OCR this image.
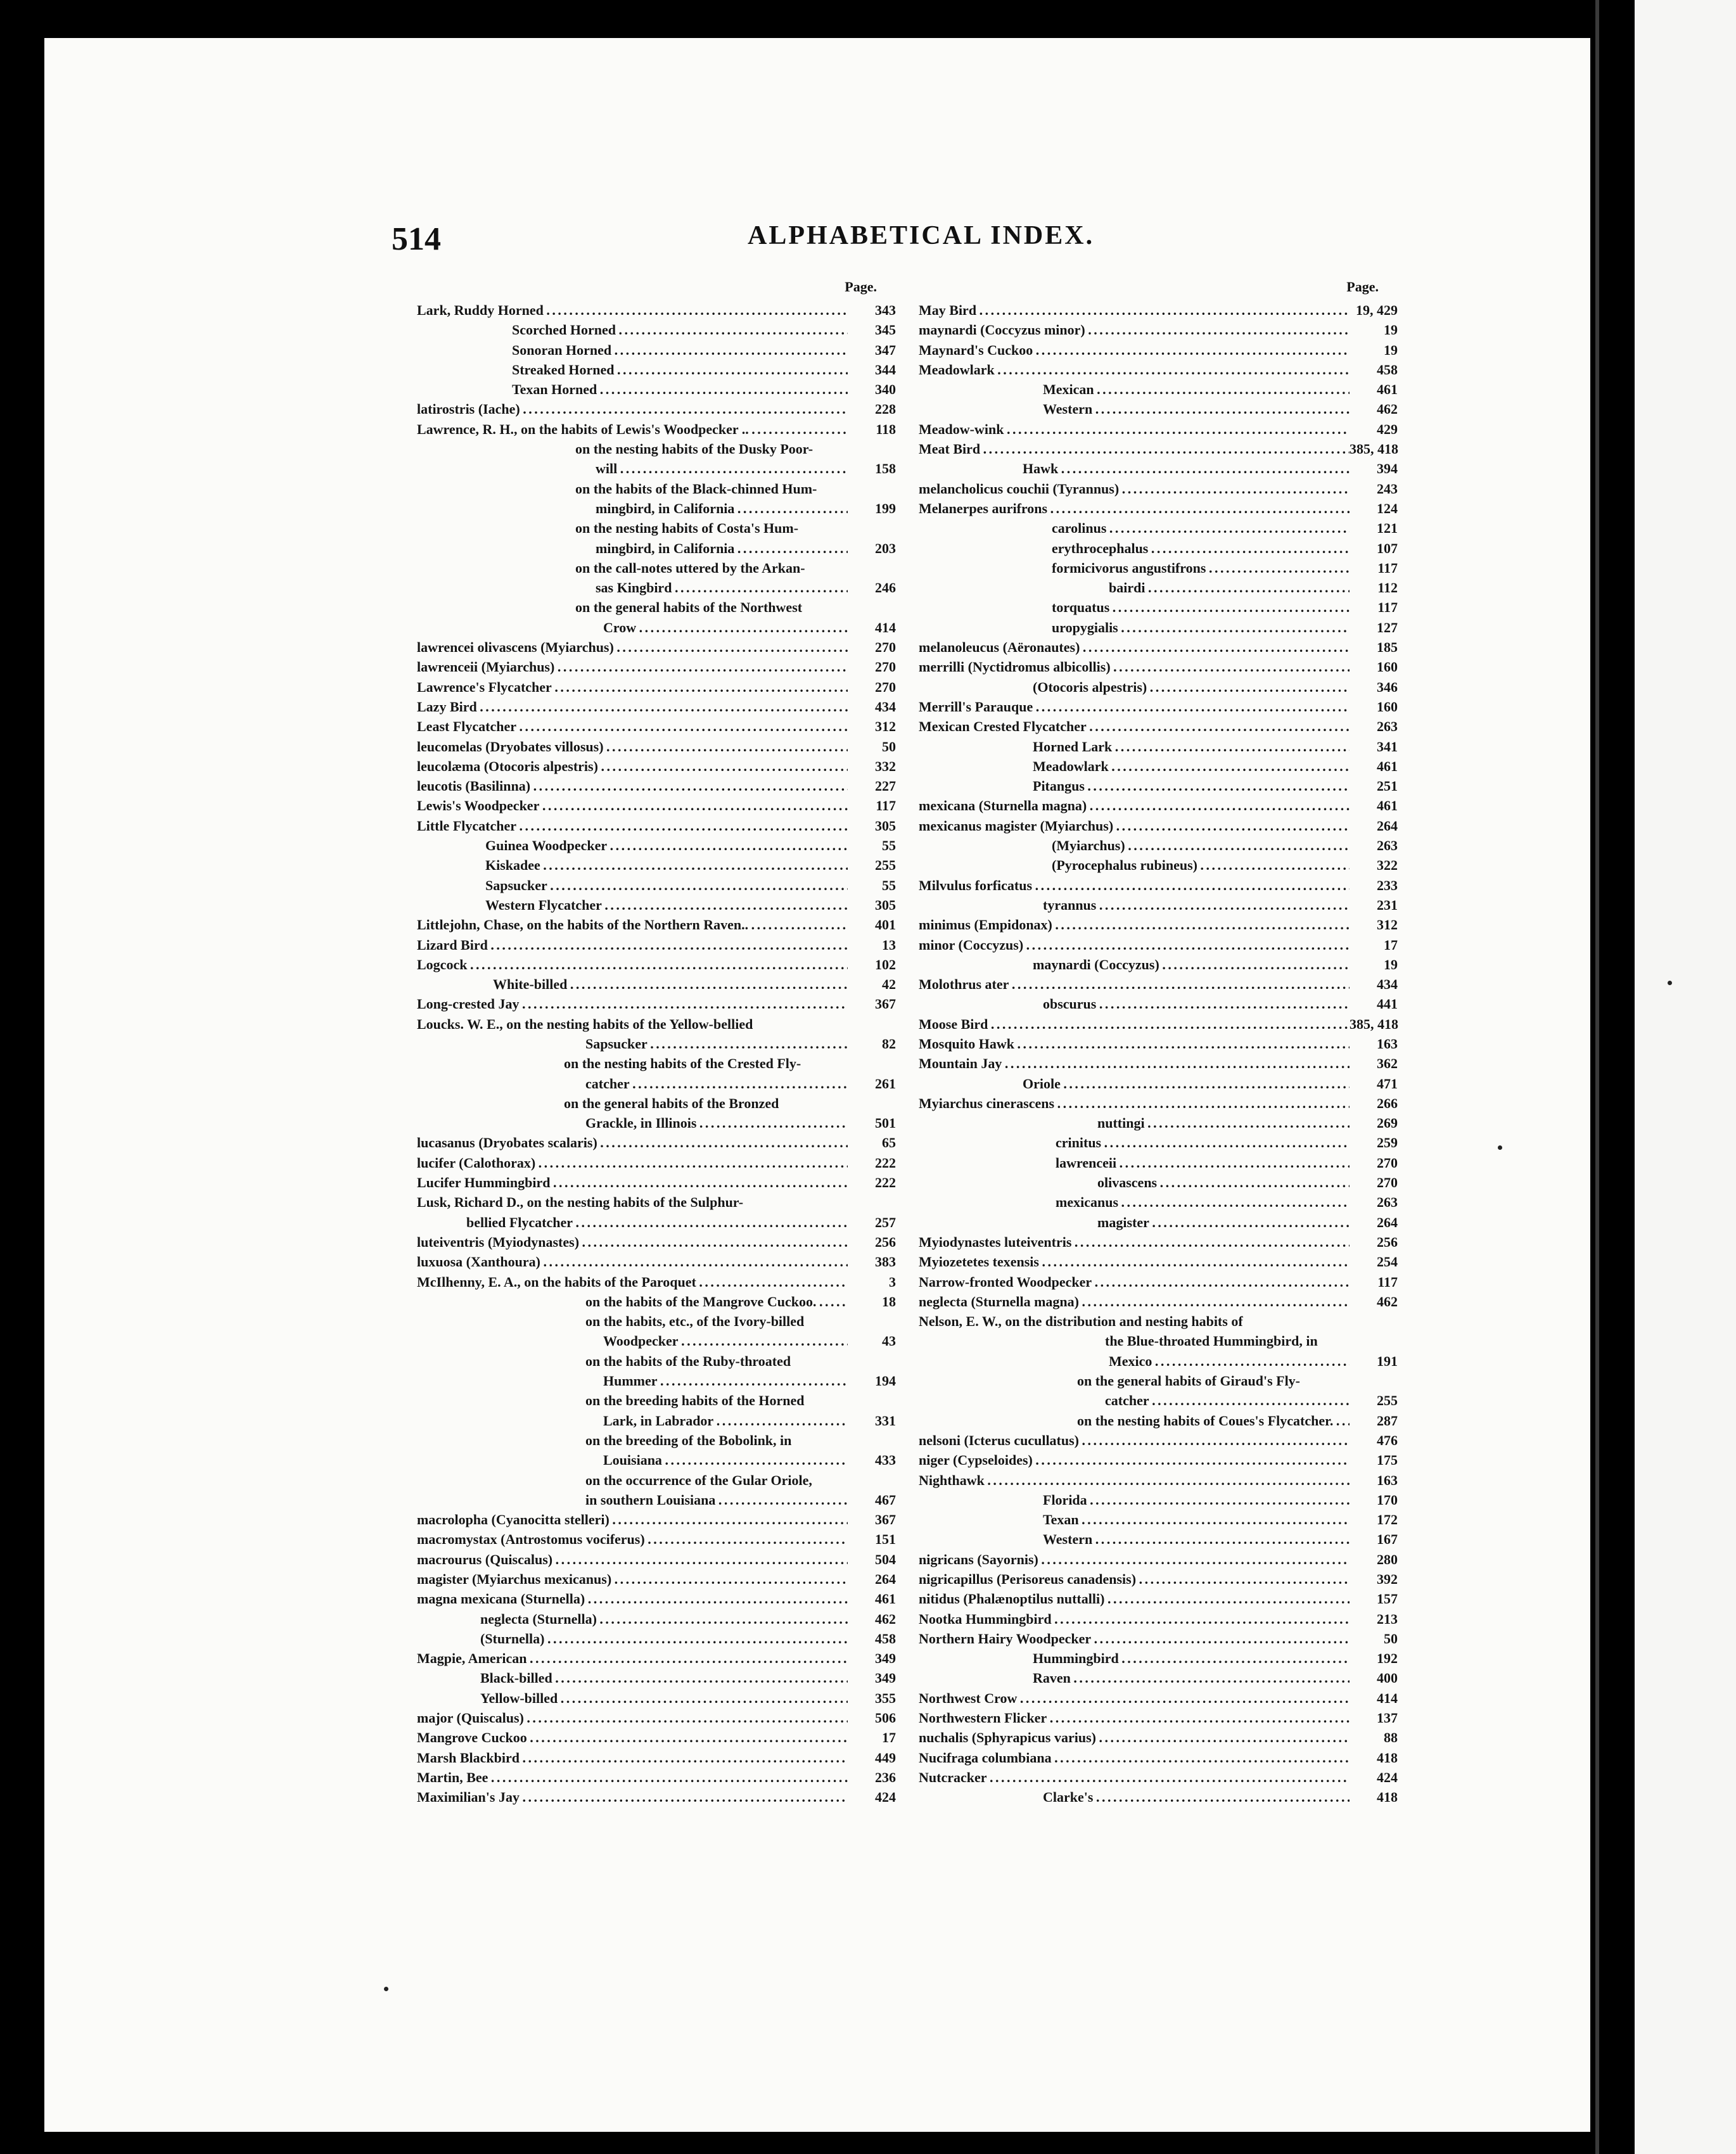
514	ALPHABETICAL INDEX.
Page.
Lark, Ruddy Horned . . .	343
Scorched Horned . . .	345
Sonoran Horned . . .	347
Streaked Horned . . .	344
Texan Horned . . .	340
latirostris (Iache) . . .	228
Lawrence, R. H., on the habits of Lewis's Woodpecker .. . . .	118
on the nesting habits of the Dusky Poor-
will . . .	158
on the habits of the Black-chinned Hum-
mingbird, in California . . .	199
on the nesting habits of Costa's Hum-
mingbird, in California . . .	203
on the call-notes uttered by the Arkan-
sas Kingbird . . .	246
on the general habits of the Northwest
Crow . . .	414
lawrencei olivascens (Myiarchus) . . .	270
lawrenceii (Myiarchus) . . .	270
Lawrence's Flycatcher . . .	270
Lazy Bird . . .	434
Least Flycatcher . . .	312
leucomelas (Dryobates villosus) . . .	50
leucolæma (Otocoris alpestris) . . .	332
leucotis (Basilinna) . . .	227
Lewis's Woodpecker . . .	117
Little Flycatcher . . .	305
Guinea Woodpecker . . .	55
Kiskadee . . .	255
Sapsucker . . .	55
Western Flycatcher . . .	305
Littlejohn, Chase, on the habits of the Northern Raven.. . . .	401
Lizard Bird . . .	13
Logcock . . .	102
White-billed . . .	42
Long-crested Jay . . .	367
Loucks. W. E., on the nesting habits of the Yellow-bellied
Sapsucker . . .	82
on the nesting habits of the Crested Fly-
catcher . . .	261
on the general habits of the Bronzed
Grackle, in Illinois . . .	501
lucasanus (Dryobates scalaris) . . .	65
lucifer (Calothorax) . . .	222
Lucifer Hummingbird . . .	222
Lusk, Richard D., on the nesting habits of the Sulphur-
bellied Flycatcher . . .	257
luteiventris (Myiodynastes) . . .	256
luxuosa (Xanthoura) . . .	383
McIlhenny, E. A., on the habits of the Paroquet . . .	3
on the habits of the Mangrove Cuckoo. . . .	18
on the habits, etc., of the Ivory-billed
Woodpecker . . .	43
on the habits of the Ruby-throated
Hummer . . .	194
on the breeding habits of the Horned
Lark, in Labrador . . .	331
on the breeding of the Bobolink, in
Louisiana . . .	433
on the occurrence of the Gular Oriole,
in southern Louisiana . . .	467
macrolopha (Cyanocitta stelleri) . . .	367
macromystax (Antrostomus vociferus) . . .	151
macrourus (Quiscalus) . . .	504
magister (Myiarchus mexicanus) . . .	264
magna mexicana (Sturnella) . . .	461
neglecta (Sturnella) . . .	462
(Sturnella) . . .	458
Magpie, American . . .	349
Black-billed . . .	349
Yellow-billed . . .	355
major (Quiscalus) . . .	506
Mangrove Cuckoo . . .	17
Marsh Blackbird . . .	449
Martin, Bee . . .	236
Maximilian's Jay . . .	424
Page.
May Bird . . .	19, 429
maynardi (Coccyzus minor) . . .	19
Maynard's Cuckoo . . .	19
Meadowlark . . .	458
Mexican . . .	461
Western . . .	462
Meadow-wink . . .	429
Meat Bird . . .	385, 418
Hawk . . .	394
melancholicus couchii (Tyrannus) . . .	243
Melanerpes aurifrons . . .	124
carolinus . . .	121
erythrocephalus . . .	107
formicivorus angustifrons . . .	117
bairdi . . .	112
torquatus . . .	117
uropygialis . . .	127
melanoleucus (Aëronautes) . . .	185
merrilli (Nyctidromus albicollis) . . .	160
(Otocoris alpestris) . . .	346
Merrill's Parauque . . .	160
Mexican Crested Flycatcher . . .	263
Horned Lark . . .	341
Meadowlark . . .	461
Pitangus . . .	251
mexicana (Sturnella magna) . . .	461
mexicanus magister (Myiarchus) . . .	264
(Myiarchus) . . .	263
(Pyrocephalus rubineus) . . .	322
Milvulus forficatus . . .	233
tyrannus . . .	231
minimus (Empidonax) . . .	312
minor (Coccyzus) . . .	17
maynardi (Coccyzus) . . .	19
Molothrus ater . . .	434
obscurus . . .	441
Moose Bird . . .	385, 418
Mosquito Hawk . . .	163
Mountain Jay . . .	362
Oriole . . .	471
Myiarchus cinerascens . . .	266
nuttingi . . .	269
crinitus . . .	259
lawrenceii . . .	270
olivascens . . .	270
mexicanus . . .	263
magister . . .	264
Myiodynastes luteiventris . . .	256
Myiozetetes texensis . . .	254
Narrow-fronted Woodpecker . . .	117
neglecta (Sturnella magna) . . .	462
Nelson, E. W., on the distribution and nesting habits of
the Blue-throated Hummingbird, in
Mexico . . .	191
on the general habits of Giraud's Fly-
catcher . . .	255
on the nesting habits of Coues's Flycatcher. . . .	287
nelsoni (Icterus cucullatus) . . .	476
niger (Cypseloides) . . .	175
Nighthawk . . .	163
Florida . . .	170
Texan . . .	172
Western . . .	167
nigricans (Sayornis) . . .	280
nigricapillus (Perisoreus canadensis) . . .	392
nitidus (Phalænoptilus nuttalli) . . .	157
Nootka Hummingbird . . .	213
Northern Hairy Woodpecker . . .	50
Hummingbird . . .	192
Raven . . .	400
Northwest Crow . . .	414
Northwestern Flicker . . .	137
nuchalis (Sphyrapicus varius) . . .	88
Nucifraga columbiana . . .	418
Nutcracker . . .	424
Clarke's . . .	418
